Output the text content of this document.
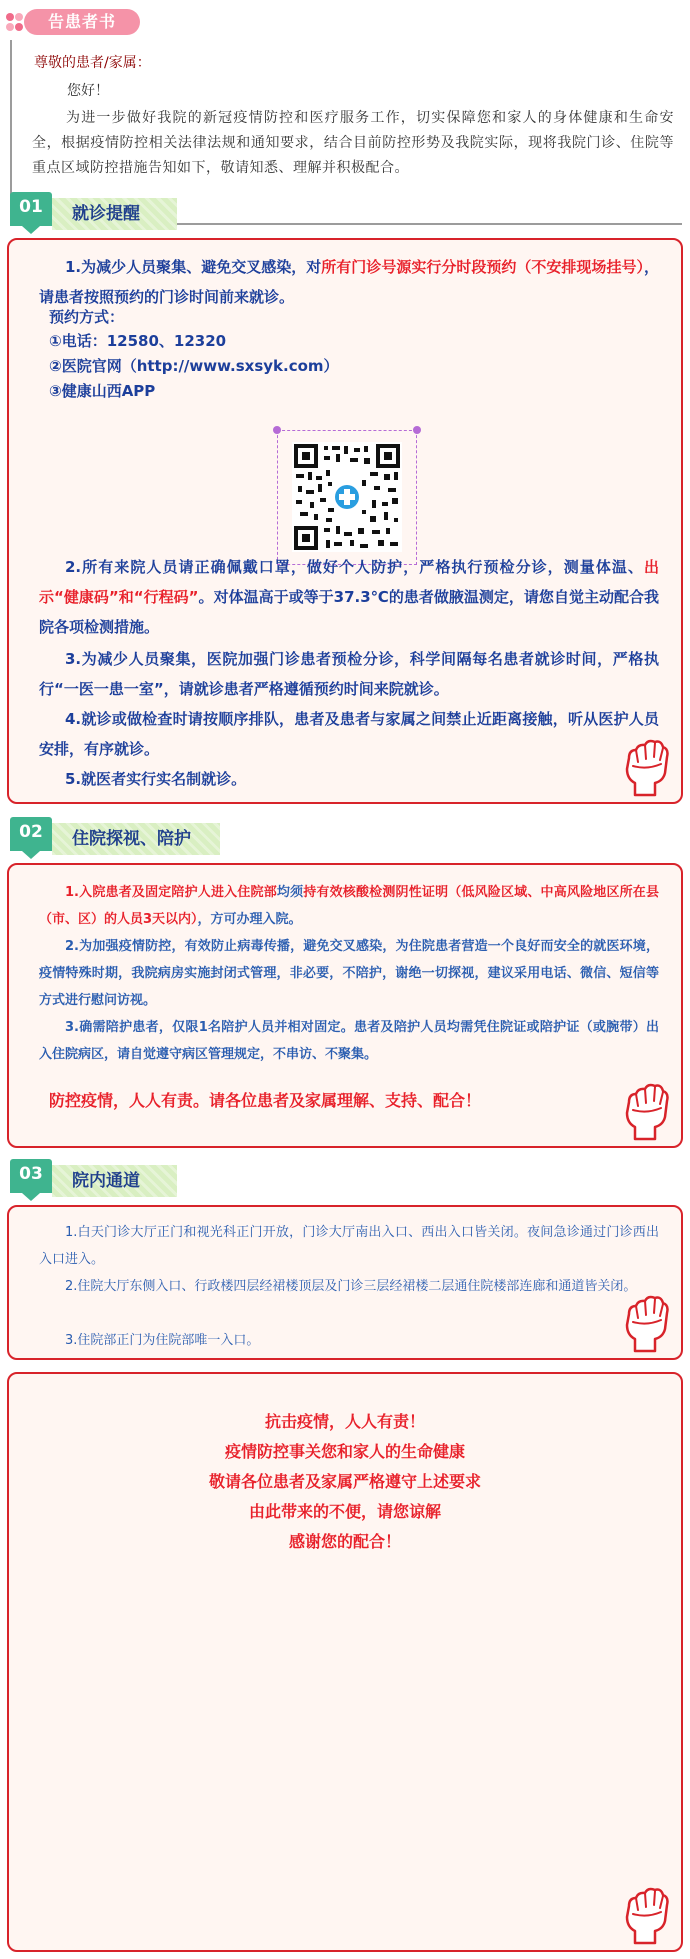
告患者书
尊敬的患者/家属：
您好！
为进一步做好我院的新冠疫情防控和医疗服务工作，切实保障您和家人的身体健康和生命安全，根据疫情防控相关法律法规和通知要求，结合目前防控形势及我院实际，现将我院门诊、住院等重点区域防控措施告知如下，敬请知悉、理解并积极配合。
01	就诊提醒
1.为减少人员聚集、避免交叉感染，对所有门诊号源实行分时段预约（不安排现场挂号），请患者按照预约的门诊时间前来就诊。
预约方式：
①电话：12580、12320
②医院官网（http://www.sxsyk.com）
③健康山西APP
2.所有来院人员请正确佩戴口罩，做好个人防护，严格执行预检分诊，测量体温、出示“健康码”和“行程码”。对体温高于或等于37.3℃的患者做腋温测定，请您自觉主动配合我院各项检测措施。
3.为减少人员聚集，医院加强门诊患者预检分诊，科学间隔每名患者就诊时间，严格执行“一医一患一室”，请就诊患者严格遵循预约时间来院就诊。
4.就诊或做检查时请按顺序排队，患者及患者与家属之间禁止近距离接触，听从医护人员安排，有序就诊。
5.就医者实行实名制就诊。
02	住院探视、陪护
1.入院患者及固定陪护人进入住院部均须持有效核酸检测阴性证明（低风险区域、中高风险地区所在县（市、区）的人员3天以内），方可办理入院。
2.为加强疫情防控，有效防止病毒传播，避免交叉感染，为住院患者营造一个良好而安全的就医环境，疫情特殊时期，我院病房实施封闭式管理，非必要，不陪护，谢绝一切探视，建议采用电话、微信、短信等方式进行慰问访视。
3.确需陪护患者，仅限1名陪护人员并相对固定。患者及陪护人员均需凭住院证或陪护证（或腕带）出入住院病区，请自觉遵守病区管理规定，不串访、不聚集。
防控疫情，人人有责。请各位患者及家属理解、支持、配合！
03	院内通道
1.白天门诊大厅正门和视光科正门开放，门诊大厅南出入口、西出入口皆关闭。夜间急诊通过门诊西出入口进入。
2.住院大厅东侧入口、行政楼四层经裙楼顶层及门诊三层经裙楼二层通住院楼部连廊和通道皆关闭。
3.住院部正门为住院部唯一入口。
抗击疫情，人人有责！
疫情防控事关您和家人的生命健康
敬请各位患者及家属严格遵守上述要求
由此带来的不便，请您谅解
感谢您的配合！
